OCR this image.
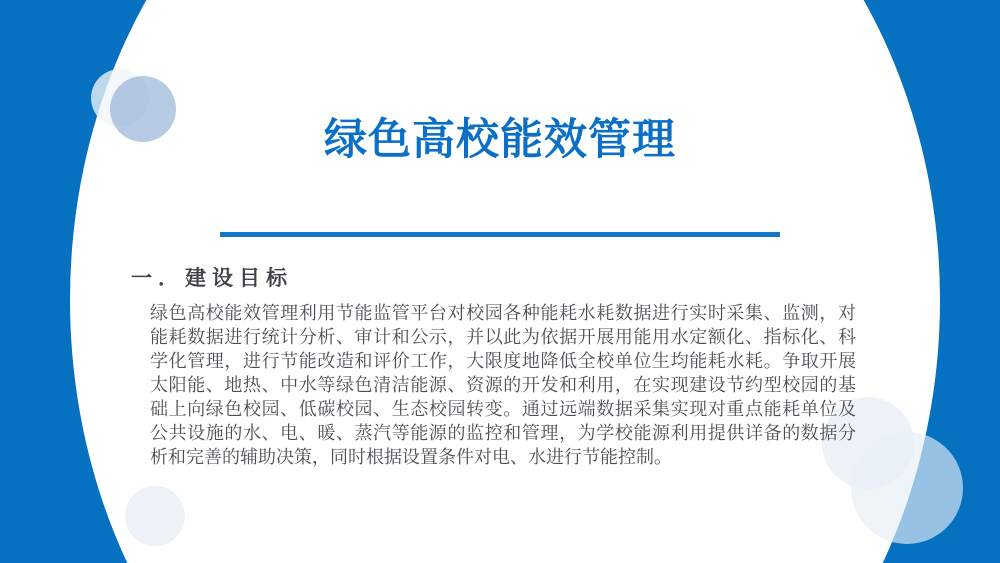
绿色高校能效管理
一．建设目标
绿色高校能效管理利用节能监管平台对校园各种能耗水耗数据进行实时采集、监测，对
能耗数据进行统计分析、审计和公示，并以此为依据开展用能用水定额化、指标化、科
学化管理，进行节能改造和评价工作，大限度地降低全校单位生均能耗水耗。争取开展
太阳能、地热、中水等绿色清洁能源、资源的开发和利用，在实现建设节约型校园的基
础上向绿色校园、低碳校园、生态校园转变。通过远端数据采集实现对重点能耗单位及
公共设施的水、电、暖、蒸汽等能源的监控和管理，为学校能源利用提供详备的数据分
析和完善的辅助决策，同时根据设置条件对电、水进行节能控制。
